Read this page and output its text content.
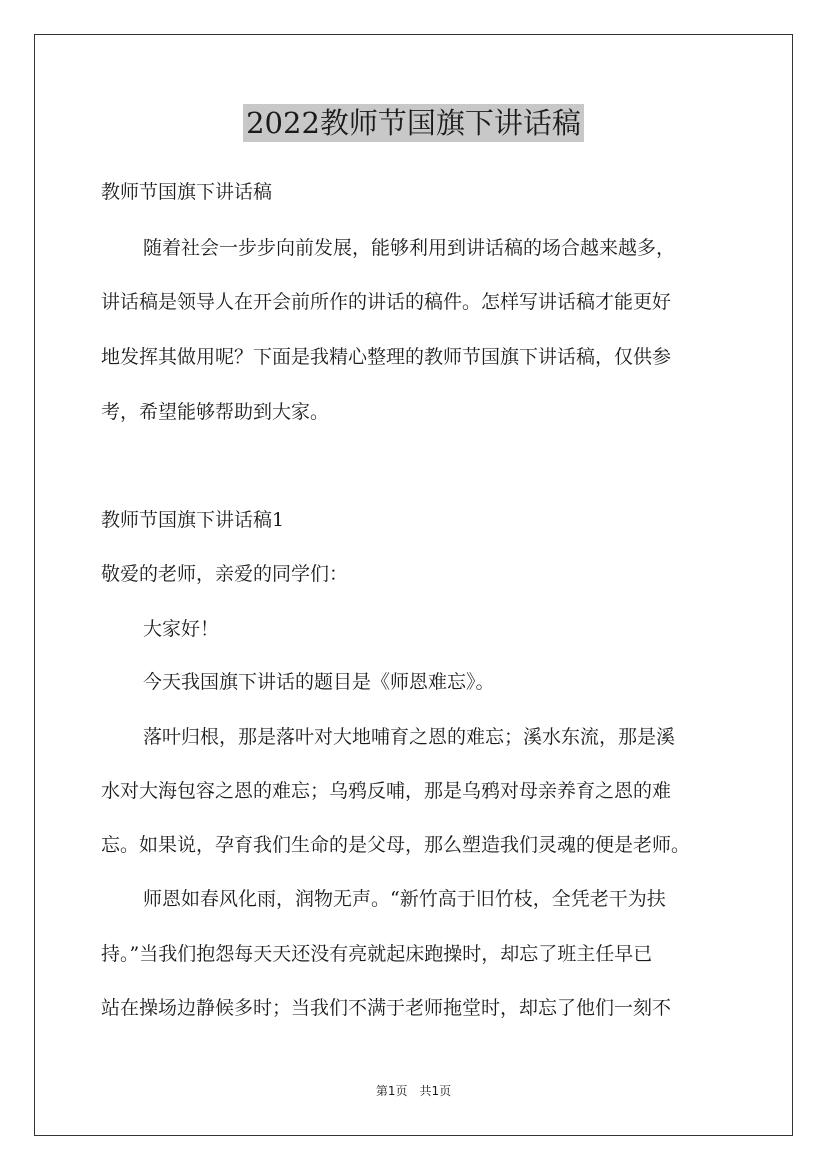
2022教师节国旗下讲话稿
教师节国旗下讲话稿
随着社会一步步向前发展，能够利用到讲话稿的场合越来越多，
讲话稿是领导人在开会前所作的讲话的稿件。怎样写讲话稿才能更好
地发挥其做用呢？下面是我精心整理的教师节国旗下讲话稿，仅供参
考，希望能够帮助到大家。
教师节国旗下讲话稿1
敬爱的老师，亲爱的同学们：
大家好！
今天我国旗下讲话的题目是《师恩难忘》。
落叶归根，那是落叶对大地哺育之恩的难忘；溪水东流，那是溪
水对大海包容之恩的难忘；乌鸦反哺，那是乌鸦对母亲养育之恩的难
忘。如果说，孕育我们生命的是父母，那么塑造我们灵魂的便是老师。
师恩如春风化雨，润物无声。“新竹高于旧竹枝，全凭老干为扶
持。”当我们抱怨每天天还没有亮就起床跑操时，却忘了班主任早已
站在操场边静候多时；当我们不满于老师拖堂时，却忘了他们一刻不
第1页 共1页
